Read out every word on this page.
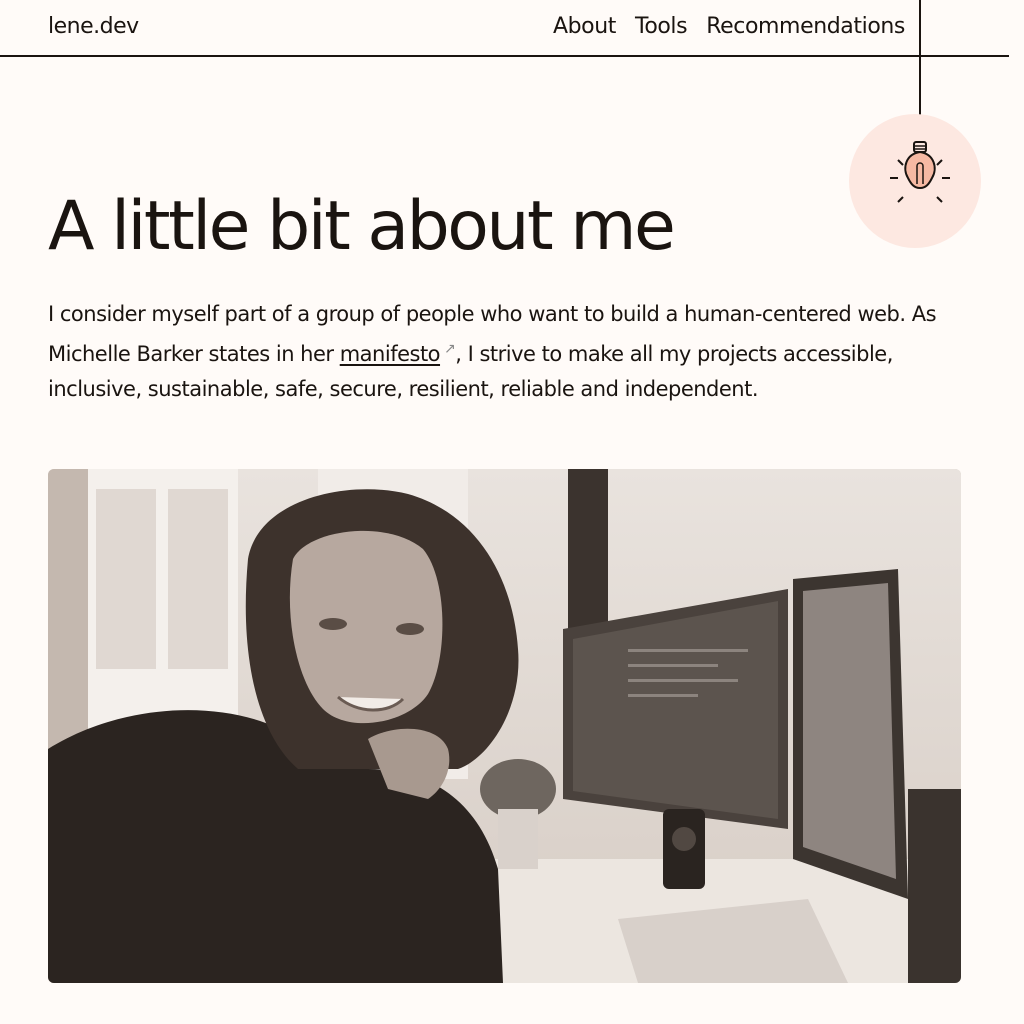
lene.dev	About Tools Recommendations
A little bit about me

I consider myself part of a group of people who want to build a human-centered web. As Michelle Barker states in her manifesto ↗, I strive to make all my projects accessible, inclusive, sustainable, safe, secure, resilient, reliable and independent.
